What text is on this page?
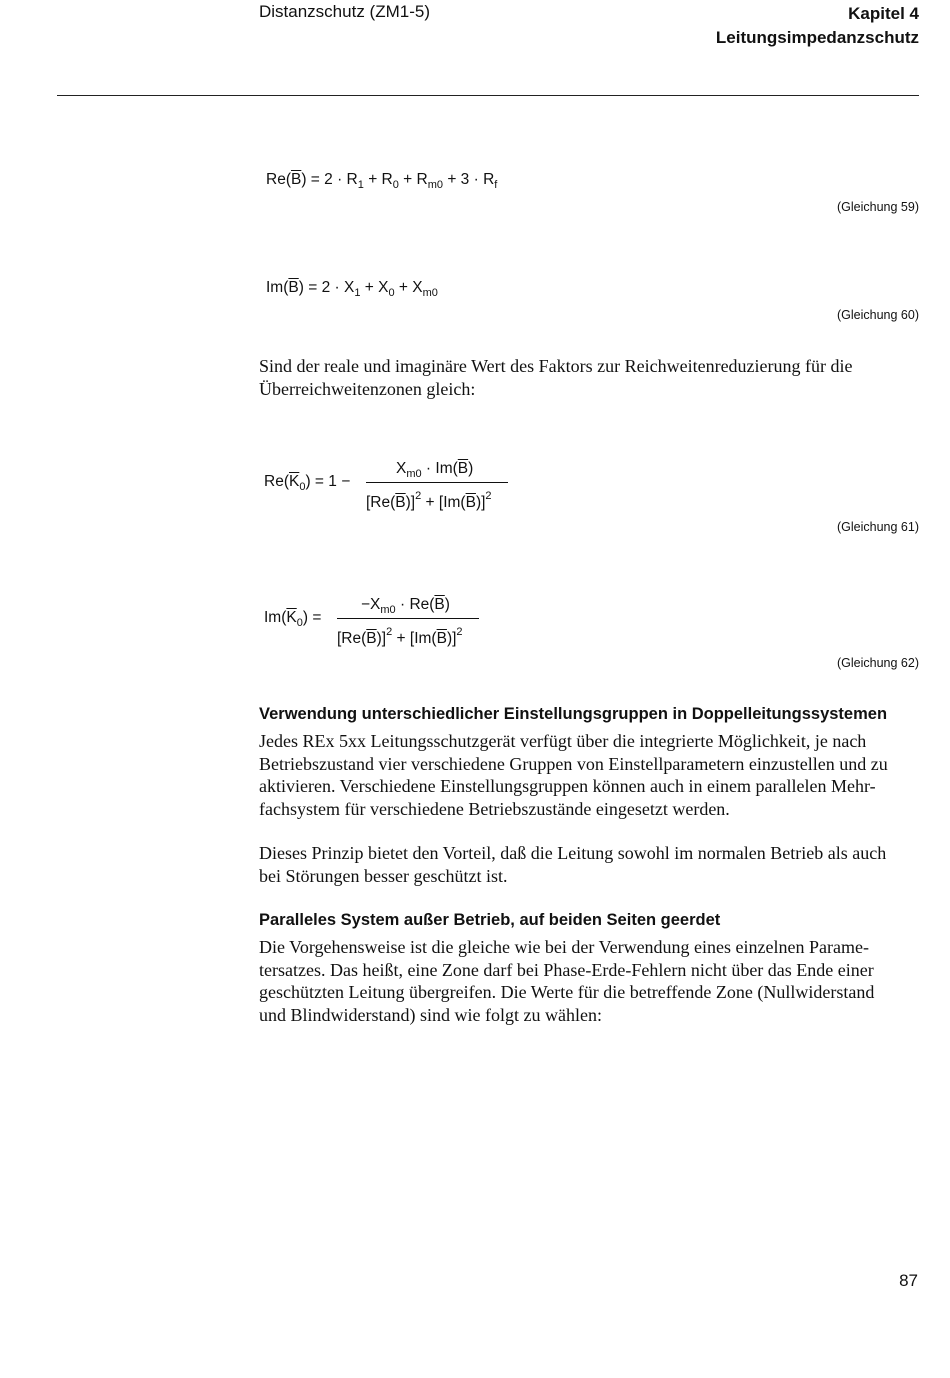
Distanzschutz (ZM1-5)	Kapitel 4
Leitungsimpedanzschutz
$Re(\overline{B}) = 2 \cdot R_1 + R_0 + R_{m0} + 3 \cdot R_f$
(Gleichung 59)
$Im(\overline{B}) = 2 \cdot X_1 + X_0 + X_{m0}$
(Gleichung 60)
Sind der reale und imaginäre Wert des Faktors zur Reichweitenreduzierung für die
Überreichweitenzonen gleich:
$Re(\overline{K}_0) = 1$ −
$X_{m0} \cdot Im(\overline{B})$
$[Re(\overline{B})]^2 + [Im(\overline{B})]^2$
(Gleichung 61)
$Im(\overline{K}_0)$ =
$-X_{m0} \cdot Re(\overline{B})$
$[Re(\overline{B})]^2 + [Im(\overline{B})]^2$
(Gleichung 62)
Verwendung unterschiedlicher Einstellungsgruppen in Doppelleitungssystemen
Jedes REx 5xx Leitungsschutzgerät verfügt über die integrierte Möglichkeit, je nach
Betriebszustand vier verschiedene Gruppen von Einstellparametern einzustellen und zu
aktivieren. Verschiedene Einstellungsgruppen können auch in einem parallelen Mehr-
fachsystem für verschiedene Betriebszustände eingesetzt werden.
Dieses Prinzip bietet den Vorteil, daß die Leitung sowohl im normalen Betrieb als auch
bei Störungen besser geschützt ist.
Paralleles System außer Betrieb, auf beiden Seiten geerdet
Die Vorgehensweise ist die gleiche wie bei der Verwendung eines einzelnen Parame-
tersatzes. Das heißt, eine Zone darf bei Phase-Erde-Fehlern nicht über das Ende einer
geschützten Leitung übergreifen. Die Werte für die betreffende Zone (Nullwiderstand
und Blindwiderstand) sind wie folgt zu wählen:
87
